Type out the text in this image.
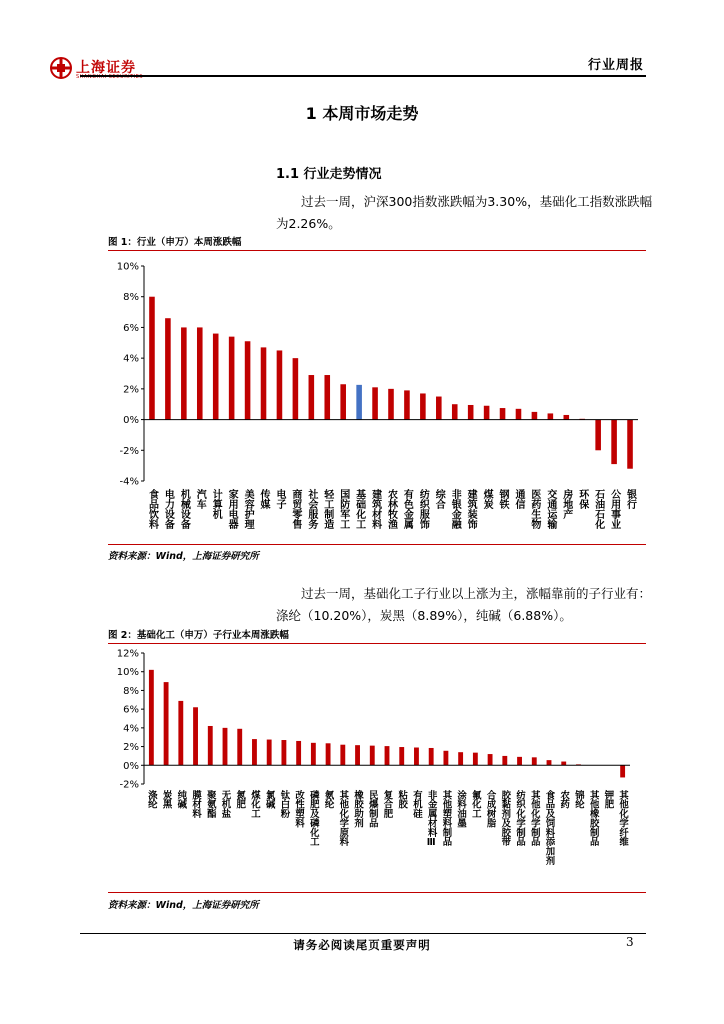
上海证券
SHANGHAI SECURITIES
行业周报
1 本周市场走势
1.1 行业走势情况
过去一周，沪深300指数涨跌幅为3.30%，基础化工指数涨跌幅为2.26%。
图 1：行业（申万）本周涨跌幅
10%
8%
6%
4%
2%
0%
-2%
-4%
食品饮料 电力设备 机械设备 汽车 计算机 家用电器 美容护理 传媒 电子 商贸零售 社会服务 轻工制造 国防军工 基础化工 建筑材料 农林牧渔 有色金属 纺织服饰 综合 非银金融 建筑装饰 煤炭 钢铁 通信 医药生物 交通运输 房地产 环保 石油石化 公用事业 银行
资料来源：Wind，上海证券研究所
过去一周，基础化工子行业以上涨为主，涨幅靠前的子行业有：涤纶（10.20%），炭黑（8.89%），纯碱（6.88%）。
图 2：基础化工（申万）子行业本周涨跌幅
12%
10%
8%
6%
4%
2%
0%
-2%
涤纶 炭黑 纯碱 膜材料 聚氨酯 无机盐 氮肥 煤化工 氯碱 钛白粉 改性塑料 磷肥及磷化工 氨纶 其他化学原料 橡胶助剂 民爆制品 复合肥 粘胶 有机硅 非金属材料Ⅲ 其他塑料制品 涂料油墨 氟化工 合成树脂 胶黏剂及胶带 纺织化学制品 其他化学制品 食品及饲料添加剂 农药 锦纶 其他橡胶制品 钾肥 其他化学纤维
资料来源：Wind，上海证券研究所
请务必阅读尾页重要声明	3
